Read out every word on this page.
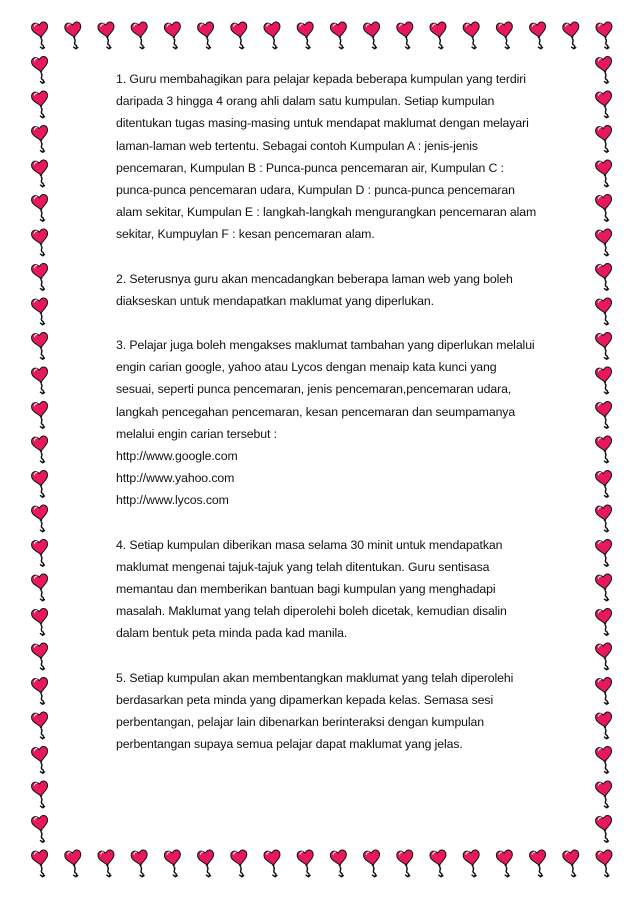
1. Guru membahagikan para pelajar kepada beberapa kumpulan yang terdiri
daripada 3 hingga 4 orang ahli dalam satu kumpulan. Setiap kumpulan
ditentukan tugas masing-masing untuk mendapat maklumat dengan melayari
laman-laman web tertentu. Sebagai contoh Kumpulan A : jenis-jenis
pencemaran, Kumpulan B : Punca-punca pencemaran air, Kumpulan C :
punca-punca pencemaran udara, Kumpulan D : punca-punca pencemaran
alam sekitar, Kumpulan E : langkah-langkah mengurangkan pencemaran alam
sekitar, Kumpuylan F : kesan pencemaran alam.
2. Seterusnya guru akan mencadangkan beberapa laman web yang boleh
diakseskan untuk mendapatkan maklumat yang diperlukan.
3. Pelajar juga boleh mengakses maklumat tambahan yang diperlukan melalui
engin carian google, yahoo atau Lycos dengan menaip kata kunci yang
sesuai, seperti punca pencemaran, jenis pencemaran,pencemaran udara,
langkah pencegahan pencemaran, kesan pencemaran dan seumpamanya
melalui engin carian tersebut :
http://www.google.com
http://www.yahoo.com
http://www.lycos.com
4. Setiap kumpulan diberikan masa selama 30 minit untuk mendapatkan
maklumat mengenai tajuk-tajuk yang telah ditentukan. Guru sentisasa
memantau dan memberikan bantuan bagi kumpulan yang menghadapi
masalah. Maklumat yang telah diperolehi boleh dicetak, kemudian disalin
dalam bentuk peta minda pada kad manila.
5. Setiap kumpulan akan membentangkan maklumat yang telah diperolehi
berdasarkan peta minda yang dipamerkan kepada kelas. Semasa sesi
perbentangan, pelajar lain dibenarkan berinteraksi dengan kumpulan
perbentangan supaya semua pelajar dapat maklumat yang jelas.
